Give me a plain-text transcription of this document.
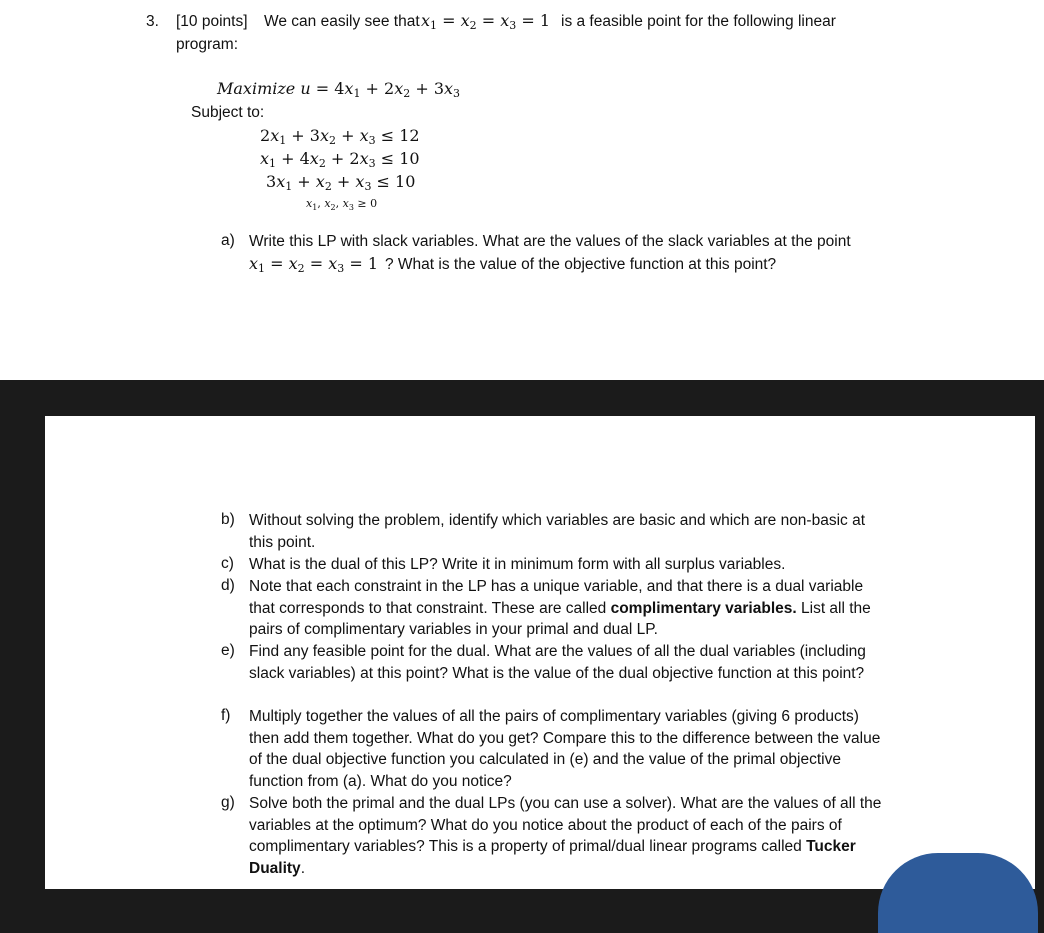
3. [10 points] We can easily see that $x_1 = x_2 = x_3 = 1$ is a feasible point for the following linear
program:
Maximize $u = 4x_1 + 2x_2 + 3x_3$
Subject to:
$2x_1 + 3x_2 + x_3 \le 12$
$x_1 + 4x_2 + 2x_3 \le 10$
$3x_1 + x_2 + x_3 \le 10$
$x_1$, $x_2$, $x_3 \ge 0$
a) Write this LP with slack variables. What are the values of the slack variables at the point
$x_1 = x_2 = x_3 = 1$ ? What is the value of the objective function at this point?
b) Without solving the problem, identify which variables are basic and which are non-basic at this point.
c) What is the dual of this LP? Write it in minimum form with all surplus variables.
d) Note that each constraint in the LP has a unique variable, and that there is a dual variable that corresponds to that constraint. These are called complimentary variables. List all the pairs of complimentary variables in your primal and dual LP.
e) Find any feasible point for the dual. What are the values of all the dual variables (including slack variables) at this point? What is the value of the dual objective function at this point?
f) Multiply together the values of all the pairs of complimentary variables (giving 6 products) then add them together. What do you get? Compare this to the difference between the value of the dual objective function you calculated in (e) and the value of the primal objective function from (a). What do you notice?
g) Solve both the primal and the dual LPs (you can use a solver). What are the values of all the variables at the optimum? What do you notice about the product of each of the pairs of complimentary variables? This is a property of primal/dual linear programs called Tucker Duality.
